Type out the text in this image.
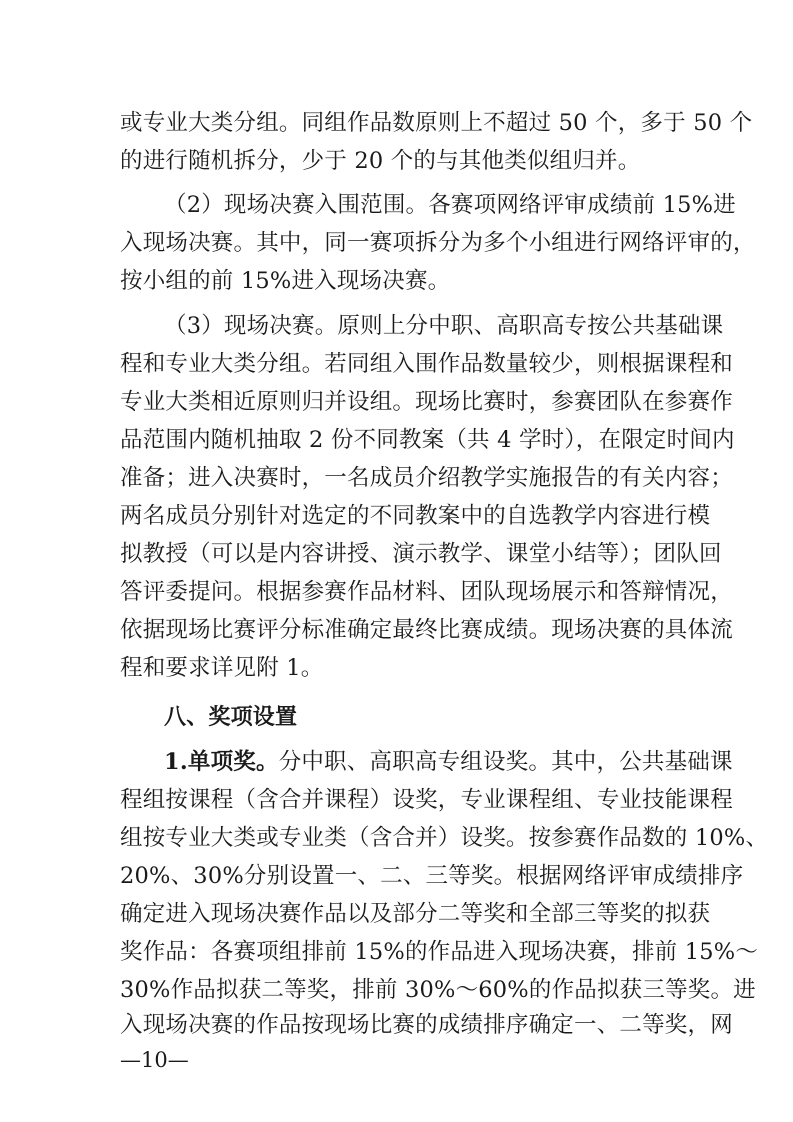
或专业大类分组。同组作品数原则上不超过 50 个，多于 50 个
的进行随机拆分，少于 20 个的与其他类似组归并。
（2）现场决赛入围范围。各赛项网络评审成绩前 15%进
入现场决赛。其中，同一赛项拆分为多个小组进行网络评审的，
按小组的前 15%进入现场决赛。
（3）现场决赛。原则上分中职、高职高专按公共基础课
程和专业大类分组。若同组入围作品数量较少，则根据课程和
专业大类相近原则归并设组。现场比赛时，参赛团队在参赛作
品范围内随机抽取 2 份不同教案（共 4 学时），在限定时间内
准备；进入决赛时，一名成员介绍教学实施报告的有关内容；
两名成员分别针对选定的不同教案中的自选教学内容进行模
拟教授（可以是内容讲授、演示教学、课堂小结等）；团队回
答评委提问。根据参赛作品材料、团队现场展示和答辩情况，
依据现场比赛评分标准确定最终比赛成绩。现场决赛的具体流
程和要求详见附 1。
八、奖项设置
1.单项奖。 分中职、高职高专组设奖。其中，公共基础课
程组按课程（含合并课程）设奖，专业课程组、专业技能课程
组按专业大类或专业类（含合并）设奖。按参赛作品数的 10%、
20%、30%分别设置一、二、三等奖。根据网络评审成绩排序
确定进入现场决赛作品以及部分二等奖和全部三等奖的拟获
奖作品：各赛项组排前 15%的作品进入现场决赛，排前 15%～
30%作品拟获二等奖，排前 30%～60%的作品拟获三等奖。进
入现场决赛的作品按现场比赛的成绩排序确定一、二等奖，网
—10—
